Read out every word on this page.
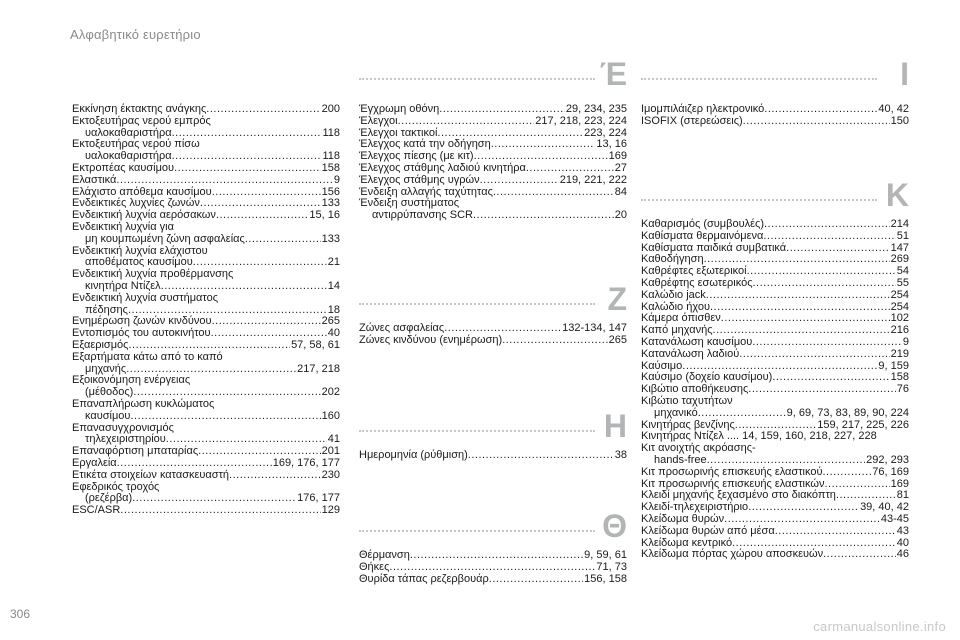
Αλφαβητικό ευρετήριο
Εκκίνηση έκτακτης ανάγκης .....	200
Εκτοξευτήρας νερού εμπρός
υαλοκαθαριστήρα .....	118
Εκτοξευτήρας νερού πίσω
υαλοκαθαριστήρα .....	118
Εκτροπέας καυσίμου .....	158
Ελαστικά .....	9
Ελάχιστο απόθεμα καυσίμου .....	156
Ενδεικτικές λυχνίες ζωνών .....	133
Ενδεικτική λυχνία αερόσακων .....	15, 16
Ενδεικτική λυχνία για
μη κουμπωμένη ζώνη ασφαλείας .....	133
Ενδεικτική λυχνία ελάχιστου
αποθέματος καυσίμου .....	21
Ενδεικτική λυχνία προθέρμανσης
κινητήρα Ντίζελ .....	14
Ενδεικτική λυχνία συστήματος
πέδησης .....	18
Ενημέρωση ζωνών κινδύνου .....	265
Εντοπισμός του αυτοκινήτου .....	40
Εξαερισμός .....	57, 58, 61
Εξαρτήματα κάτω από το καπό
μηχανής .....	217, 218
Εξοικονόμηση ενέργειας
(μέθοδος) .....	202
Επαναπλήρωση κυκλώματος
καυσίμου .....	160
Επανασυγχρονισμός
τηλεχειριστηρίου .....	41
Επαναφόρτιση μπαταρίας .....	201
Εργαλεία .....	169, 176, 177
Ετικέτα στοιχείων κατασκευαστή .....	230
Εφεδρικός τροχός
(ρεζέρβα) .....	176, 177
ESC/ASR .....	129
Έ
Έγχρωμη οθόνη .....	29, 234, 235
Έλεγχοι .....	217, 218, 223, 224
Έλεγχοι τακτικοί .....	223, 224
Έλεγχος κατά την οδήγηση .....	13, 16
Έλεγχος πίεσης (με κιτ) .....	169
Έλεγχος στάθμης λαδιού κινητήρα .....	27
Έλεγχος στάθμης υγρών .....	219, 221, 222
Ένδειξη αλλαγής ταχύτητας .....	84
Ένδειξη συστήματος
αντιρρύπανσης SCR .....	20
Z
Ζώνες ασφαλείας .....	132-134, 147
Ζώνες κινδύνου (ενημέρωση) .....	265
H
Ημερομηνία (ρύθμιση) .....	38
Θ
Θέρμανση .....	9, 59, 61
Θήκες .....	71, 73
Θυρίδα τάπας ρεζερβουάρ .....	156, 158
I
Ιμομπιλάιζερ ηλεκτρονικό .....	40, 42
ISOFIX (στερεώσεις) .....	150
K
Καθαρισμός (συμβουλές) .....	214
Καθίσματα θερμαινόμενα .....	51
Καθίσματα παιδικά συμβατικά .....	147
Καθοδήγηση .....	269
Καθρέφτες εξωτερικοί .....	54
Καθρέφτης εσωτερικός .....	55
Καλώδιο jack .....	254
Καλώδιο ήχου .....	254
Κάμερα όπισθεν .....	102
Καπό μηχανής .....	216
Κατανάλωση καυσίμου .....	9
Κατανάλωση λαδιού .....	219
Καύσιμο .....	9, 159
Καύσιμο (δοχείο καυσίμου) .....	158
Κιβώτιο αποθήκευσης .....	76
Κιβώτιο ταχυτήτων
μηχανικό .....	9, 69, 73, 83, 89, 90, 224
Κινητήρας βενζίνης .....	159, 217, 225, 226
Κινητήρας Ντίζελ .... 14, 159, 160, 218, 227, 228
Κιτ ανοιχτής ακρόασης-
hands-free .....	292, 293
Κιτ προσωρινής επισκευής ελαστικού .....	76, 169
Κιτ προσωρινής επισκευής ελαστικών .....	169
Κλειδί μηχανής ξεχασμένο στο διακόπτη .....	81
Κλειδί-τηλεχειριστήριο .....	39, 40, 42
Κλείδωμα θυρών .....	43-45
Κλείδωμα θυρών από μέσα .....	43
Κλείδωμα κεντρικό .....	40
Κλείδωμα πόρτας χώρου αποσκευών .....	46
306
carmanualsonline.info
